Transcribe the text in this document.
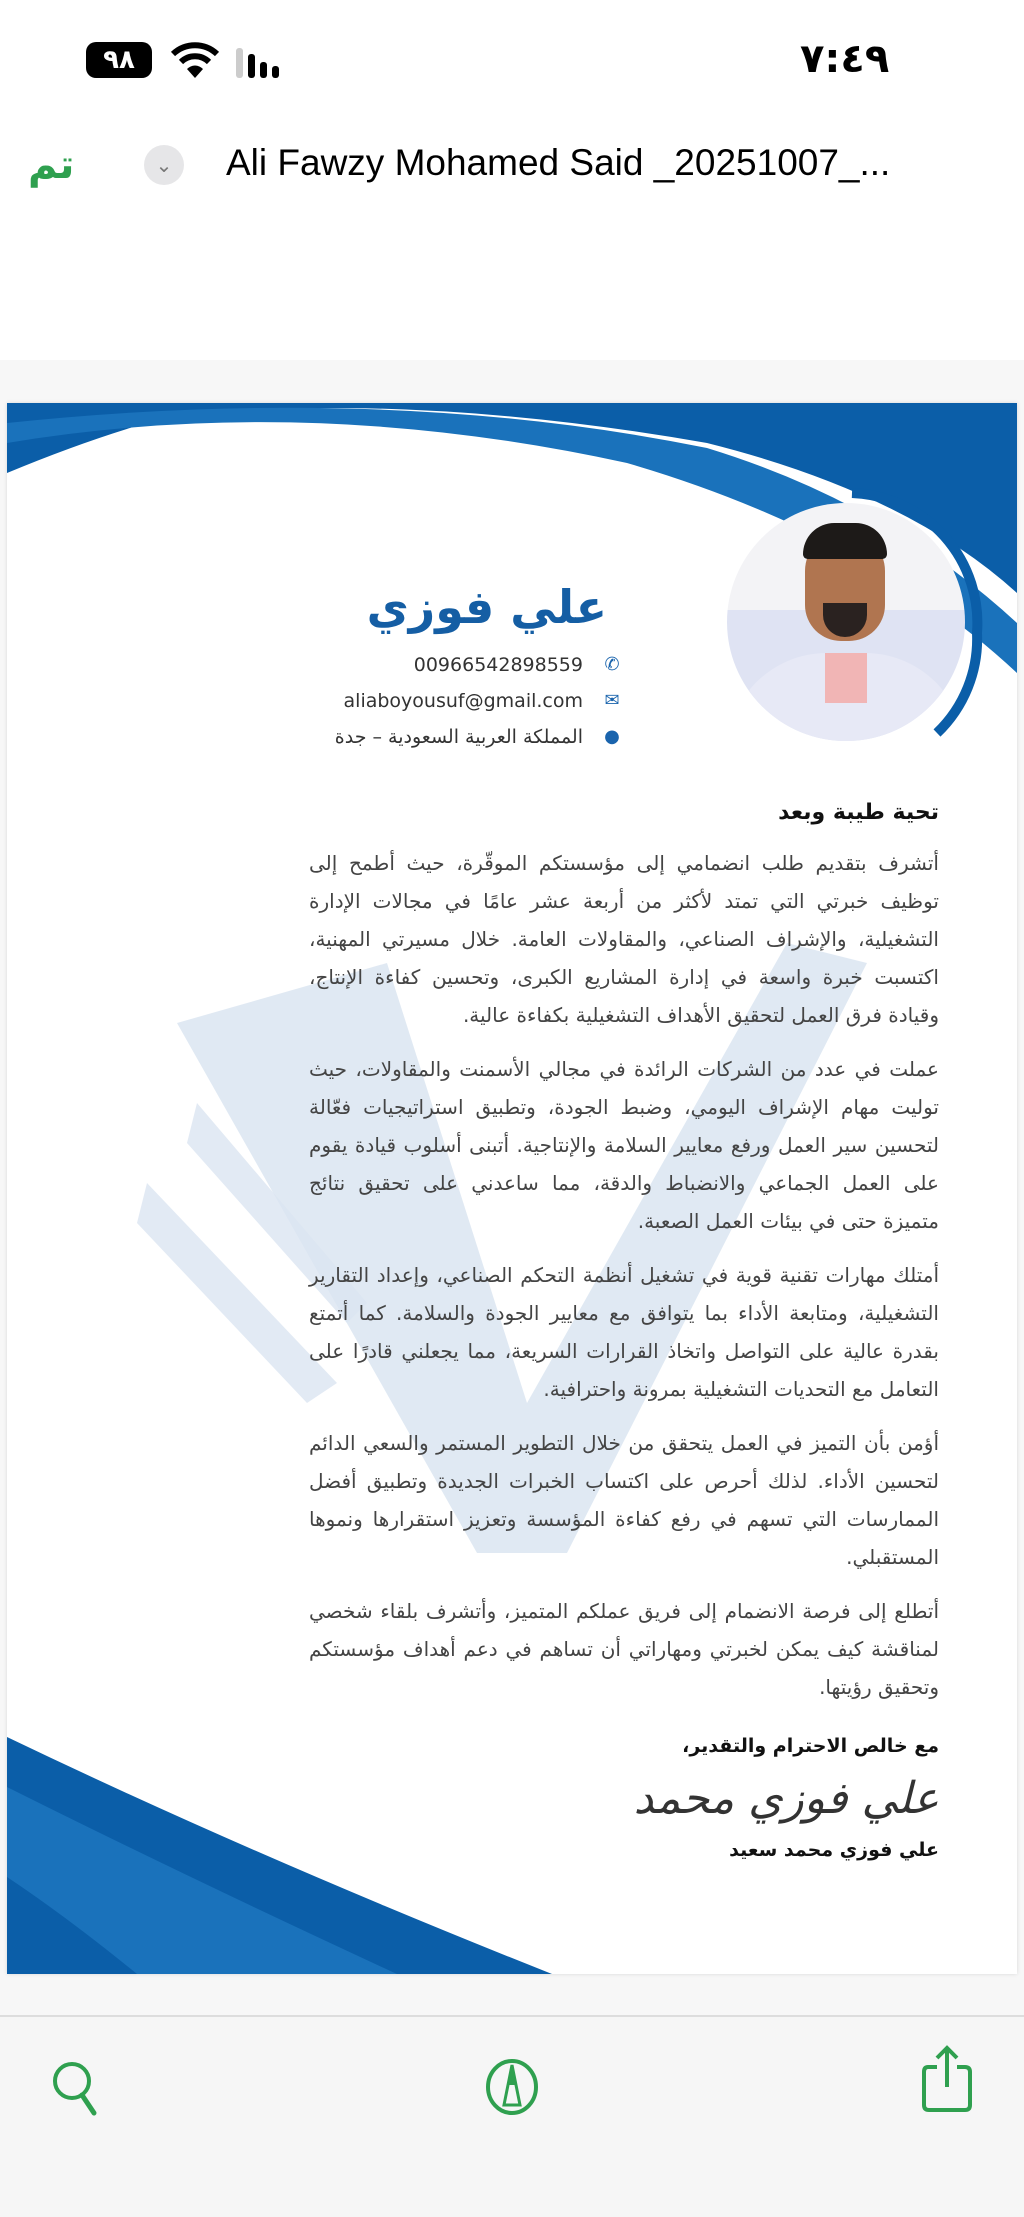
٩٨	٧:٤٩
تم	⌄	Ali Fawzy Mohamed Said _20251007_...
علي فوزي
00966542898559 ✆
aliaboyousuf@gmail.com ✉
المملكة العربية السعودية – جدة ●
تحية طيبة وبعد

أتشرف بتقديم طلب انضمامي إلى مؤسستكم الموقّرة، حيث أطمح إلى توظيف خبرتي التي تمتد لأكثر من أربعة عشر عامًا في مجالات الإدارة التشغيلية، والإشراف الصناعي، والمقاولات العامة. خلال مسيرتي المهنية، اكتسبت خبرة واسعة في إدارة المشاريع الكبرى، وتحسين كفاءة الإنتاج، وقيادة فرق العمل لتحقيق الأهداف التشغيلية بكفاءة عالية.

عملت في عدد من الشركات الرائدة في مجالي الأسمنت والمقاولات، حيث توليت مهام الإشراف اليومي، وضبط الجودة، وتطبيق استراتيجيات فعّالة لتحسين سير العمل ورفع معايير السلامة والإنتاجية. أتبنى أسلوب قيادة يقوم على العمل الجماعي والانضباط والدقة، مما ساعدني على تحقيق نتائج متميزة حتى في بيئات العمل الصعبة.

أمتلك مهارات تقنية قوية في تشغيل أنظمة التحكم الصناعي، وإعداد التقارير التشغيلية، ومتابعة الأداء بما يتوافق مع معايير الجودة والسلامة. كما أتمتع بقدرة عالية على التواصل واتخاذ القرارات السريعة، مما يجعلني قادرًا على التعامل مع التحديات التشغيلية بمرونة واحترافية.

أؤمن بأن التميز في العمل يتحقق من خلال التطوير المستمر والسعي الدائم لتحسين الأداء. لذلك أحرص على اكتساب الخبرات الجديدة وتطبيق أفضل الممارسات التي تسهم في رفع كفاءة المؤسسة وتعزيز استقرارها ونموها المستقبلي.

أتطلع إلى فرصة الانضمام إلى فريق عملكم المتميز، وأتشرف بلقاء شخصي لمناقشة كيف يمكن لخبرتي ومهاراتي أن تساهم في دعم أهداف مؤسستكم وتحقيق رؤيتها.

مع خالص الاحترام والتقدير،
علي فوزي محمد
علي فوزي محمد سعيد
